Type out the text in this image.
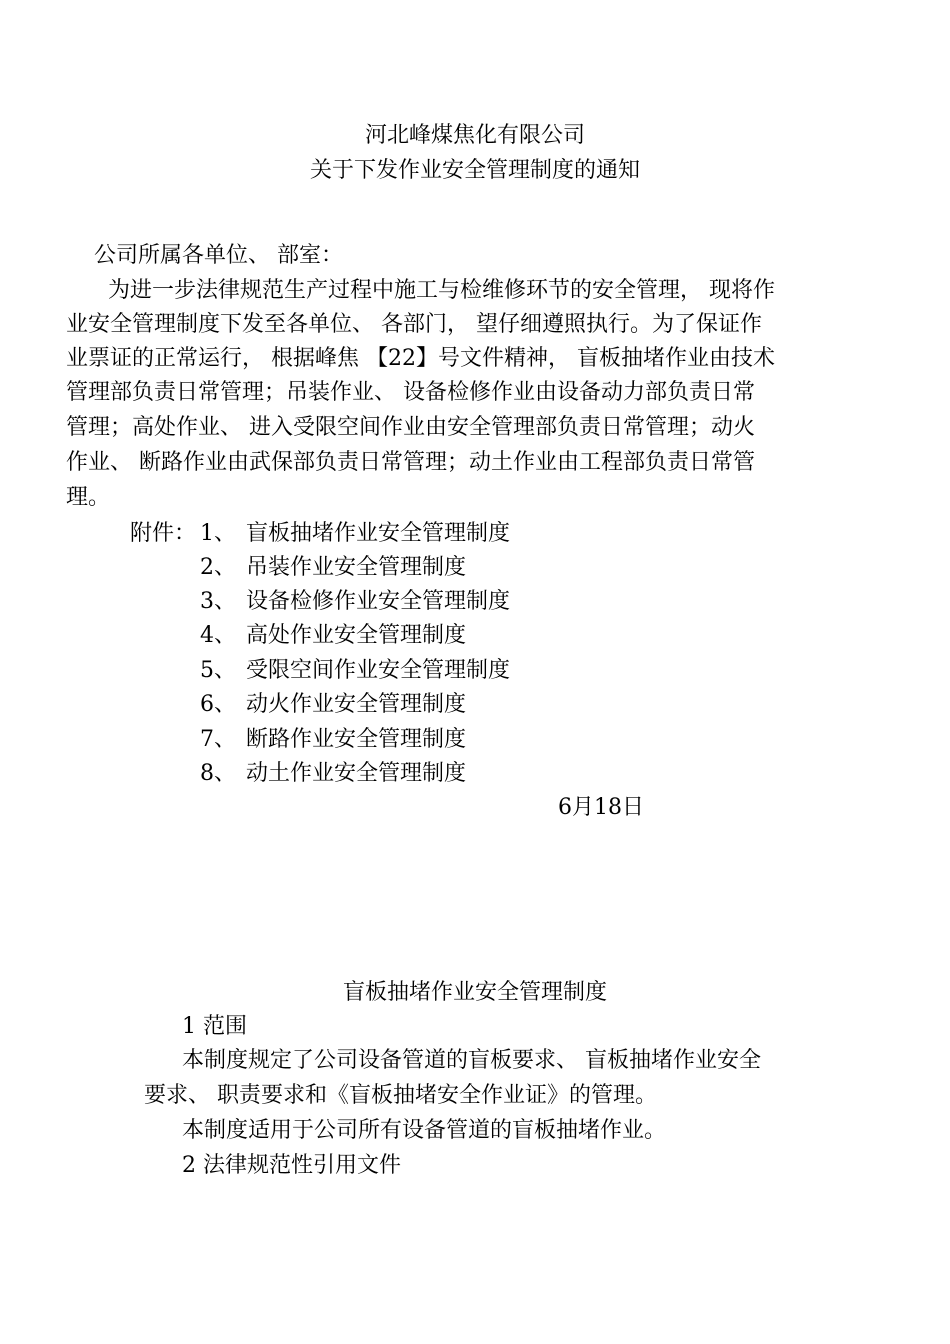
河北峰煤焦化有限公司
关于下发作业安全管理制度的通知
公司所属各单位、 部室：
为进一步法律规范生产过程中施工与检维修环节的安全管理， 现将作
业安全管理制度下发至各单位、 各部门， 望仔细遵照执行。为了保证作
业票证的正常运行， 根据峰焦 【22】号文件精神， 盲板抽堵作业由技术
管理部负责日常管理；吊装作业、 设备检修作业由设备动力部负责日常
管理；高处作业、 进入受限空间作业由安全管理部负责日常管理；动火
作业、 断路作业由武保部负责日常管理；动土作业由工程部负责日常管
理。
附件： 1、 盲板抽堵作业安全管理制度
2、 吊装作业安全管理制度
3、 设备检修作业安全管理制度
4、 高处作业安全管理制度
5、 受限空间作业安全管理制度
6、 动火作业安全管理制度
7、 断路作业安全管理制度
8、 动土作业安全管理制度
6月18日
盲板抽堵作业安全管理制度
1 范围
本制度规定了公司设备管道的盲板要求、 盲板抽堵作业安全
要求、 职责要求和《盲板抽堵安全作业证》的管理。
本制度适用于公司所有设备管道的盲板抽堵作业。
2 法律规范性引用文件
